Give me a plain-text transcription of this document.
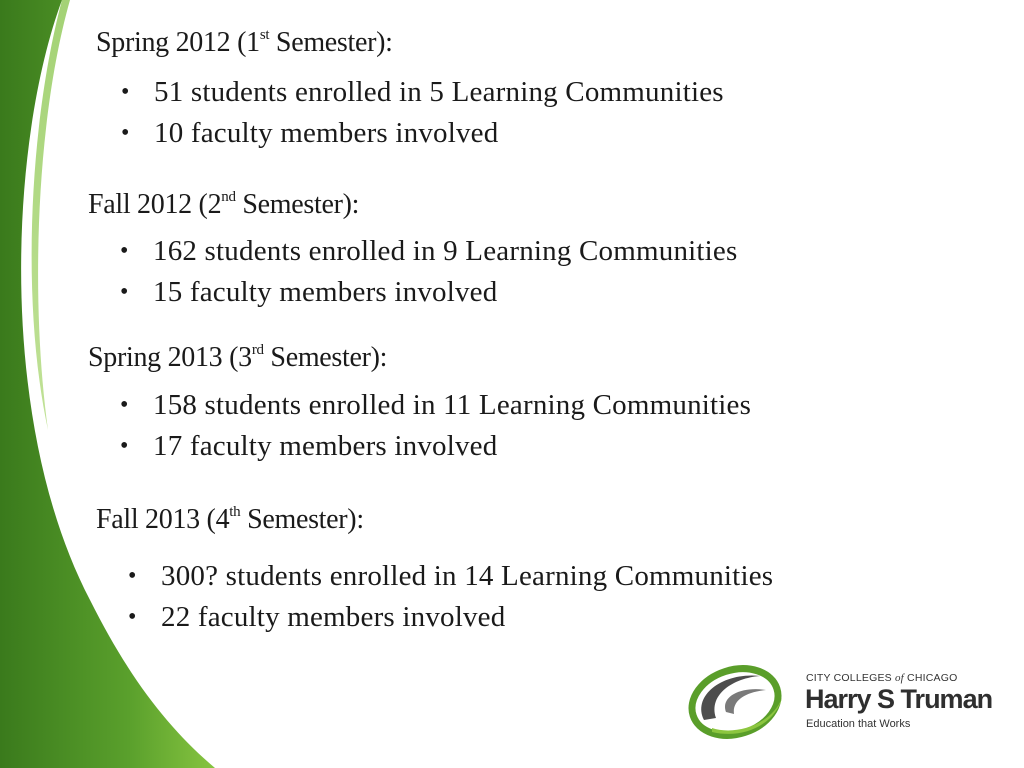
Spring 2012 (1st Semester):
• 51 students enrolled in 5 Learning Communities
• 10 faculty members involved
Fall 2012 (2nd Semester):
• 162 students enrolled in 9 Learning Communities
• 15 faculty members involved
Spring 2013 (3rd Semester):
• 158 students enrolled in 11 Learning Communities
• 17 faculty members involved
Fall 2013 (4th Semester):
• 300? students enrolled in 14 Learning Communities
• 22 faculty members involved
CITY COLLEGES of CHICAGO
Harry S Truman
Education that Works
